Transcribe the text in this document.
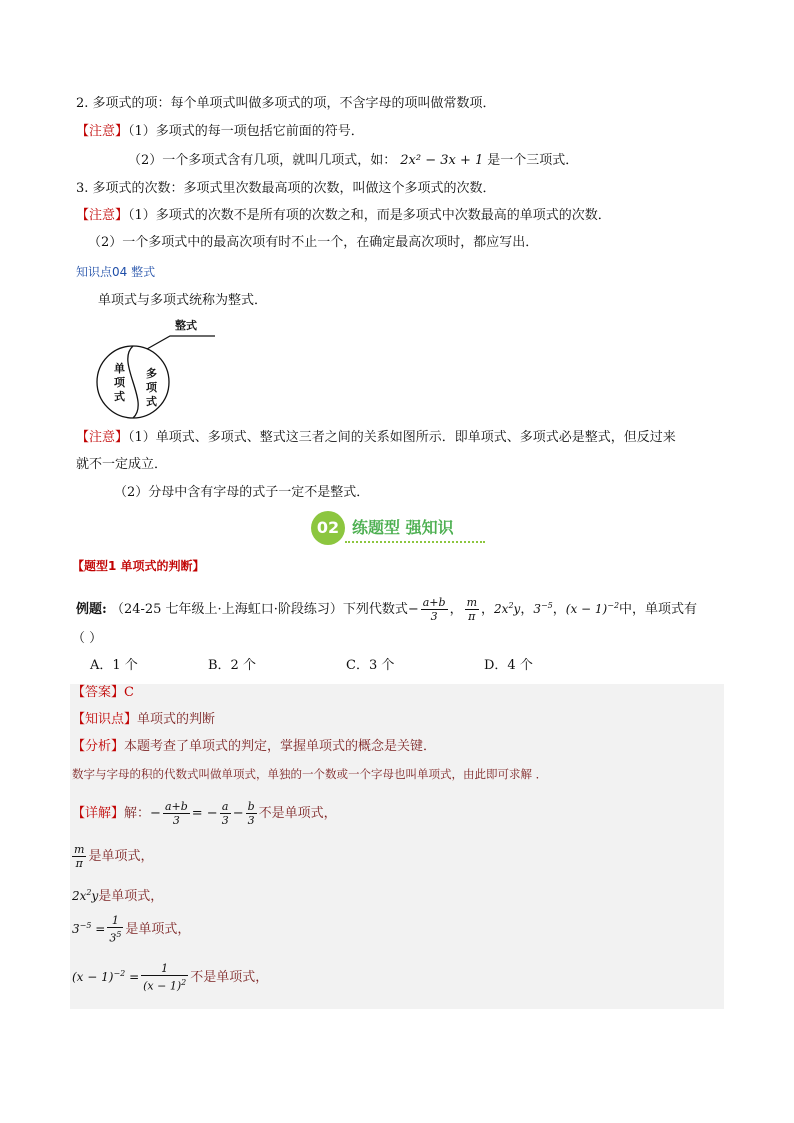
2. 多项式的项：每个单项式叫做多项式的项，不含字母的项叫做常数项．
【注意】（1）多项式的每一项包括它前面的符号．
（2）一个多项式含有几项，就叫几项式，如： 2x² − 3x + 1 是一个三项式．
3. 多项式的次数：多项式里次数最高项的次数，叫做这个多项式的次数．
【注意】（1）多项式的次数不是所有项的次数之和，而是多项式中次数最高的单项式的次数．
（2）一个多项式中的最高次项有时不止一个，在确定最高次项时，都应写出．
知识点04 整式
单项式与多项式统称为整式．
整式
单
项
式
多
项
式
【注意】（1）单项式、多项式、整式这三者之间的关系如图所示．即单项式、多项式必是整式，但反过来
就不一定成立．
（2）分母中含有字母的式子一定不是整式．
02 练题型 强知识
【题型1 单项式的判断】
例题: （24-25 七年级上·上海虹口·阶段练习）下列代数式− $\frac{a+b}{3}$ ， $\frac{m}{\pi}$ ，$2x^2y$，$3^{-5}$，$(x - 1)^{-2}$中，单项式有
（ ）
A．1 个	B．2 个	C．3 个	D．4 个
【答案】C
【知识点】单项式的判断
【分析】本题考查了单项式的判定，掌握单项式的概念是关键．
数字与字母的积的代数式叫做单项式，单独的一个数或一个字母也叫单项式，由此即可求解 ．
【详解】解：− $\frac{a+b}{3}$ = − $\frac{a}{3} - \frac{b}{3}$ 不是单项式，
$\frac{m}{\pi}$ 是单项式，
$2x^2y$是单项式，
$3^{-5} = \frac{1}{3^5}$ 是单项式，
$(x - 1)^{-2} = \frac{1}{(x - 1)^2}$ 不是单项式，
